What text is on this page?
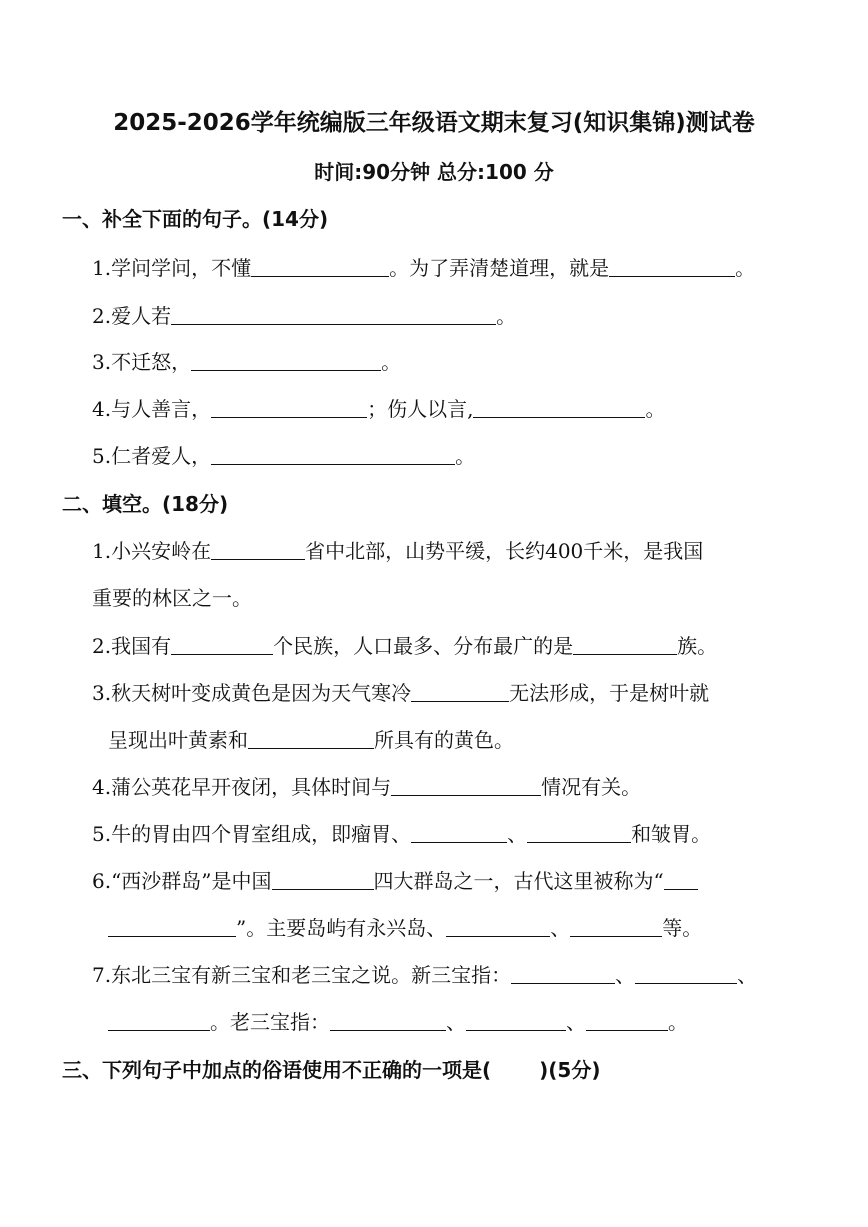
2025-2026学年统编版三年级语文期末复习(知识集锦)测试卷
时间:90分钟 总分:100 分
一、补全下面的句子。(14分)
1.学问学问，不懂	。为了弄清楚道理，就是	。
2.爱人若	。
3.不迁怒，	。
4.与人善言，	；伤人以言,	。
5.仁者爱人，	。
二、填空。(18分)
1.小兴安岭在	省中北部，山势平缓，长约400千米，是我国
重要的林区之一。
2.我国有	个民族，人口最多、分布最广的是	族。
3.秋天树叶变成黄色是因为天气寒冷	无法形成，于是树叶就
呈现出叶黄素和	所具有的黄色。
4.蒲公英花早开夜闭，具体时间与	情况有关。
5.牛的胃由四个胃室组成，即瘤胃、	、	和皱胃。
6.“西沙群岛”是中国	四大群岛之一，古代这里被称为“
”。主要岛屿有永兴岛、	、	等。
7.东北三宝有新三宝和老三宝之说。新三宝指：	、	、
。老三宝指：	、	、	。
三、下列句子中加点的俗语使用不正确的一项是( )(5分)
